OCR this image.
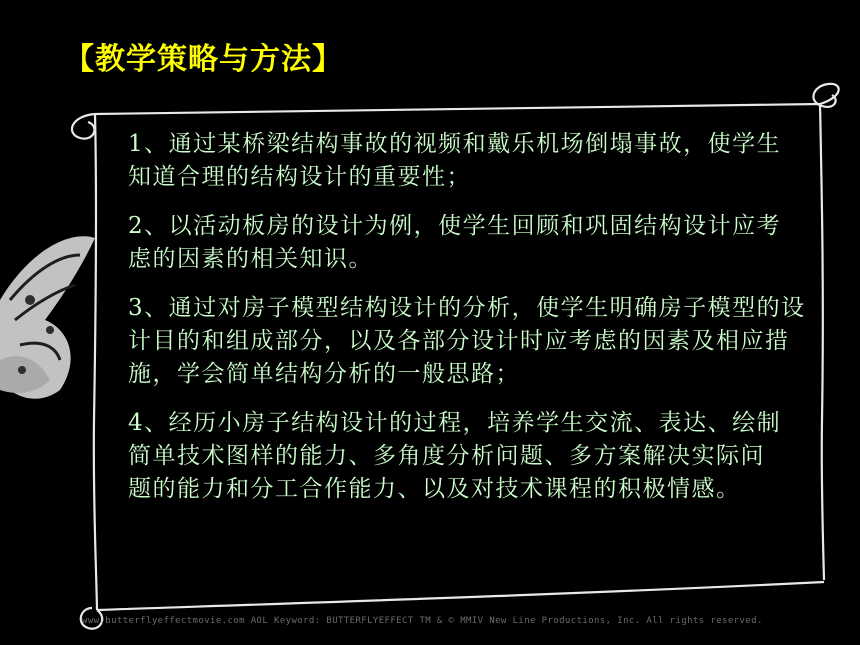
【教学策略与方法】

1、通过某桥梁结构事故的视频和戴乐机场倒塌事故，使学生知道合理的结构设计的重要性；

2、以活动板房的设计为例，使学生回顾和巩固结构设计应考虑的因素的相关知识。

3、通过对房子模型结构设计的分析，使学生明确房子模型的设计目的和组成部分，以及各部分设计时应考虑的因素及相应措施，学会简单结构分析的一般思路；

4、经历小房子结构设计的过程，培养学生交流、表达、绘制简单技术图样的能力、多角度分析问题、多方案解决实际问题的能力和分工合作能力、以及对技术课程的积极情感。

www.butterflyeffectmovie.com AOL Keyword: BUTTERFLYEFFECT TM & © MMIV New Line Productions, Inc. All rights reserved.
